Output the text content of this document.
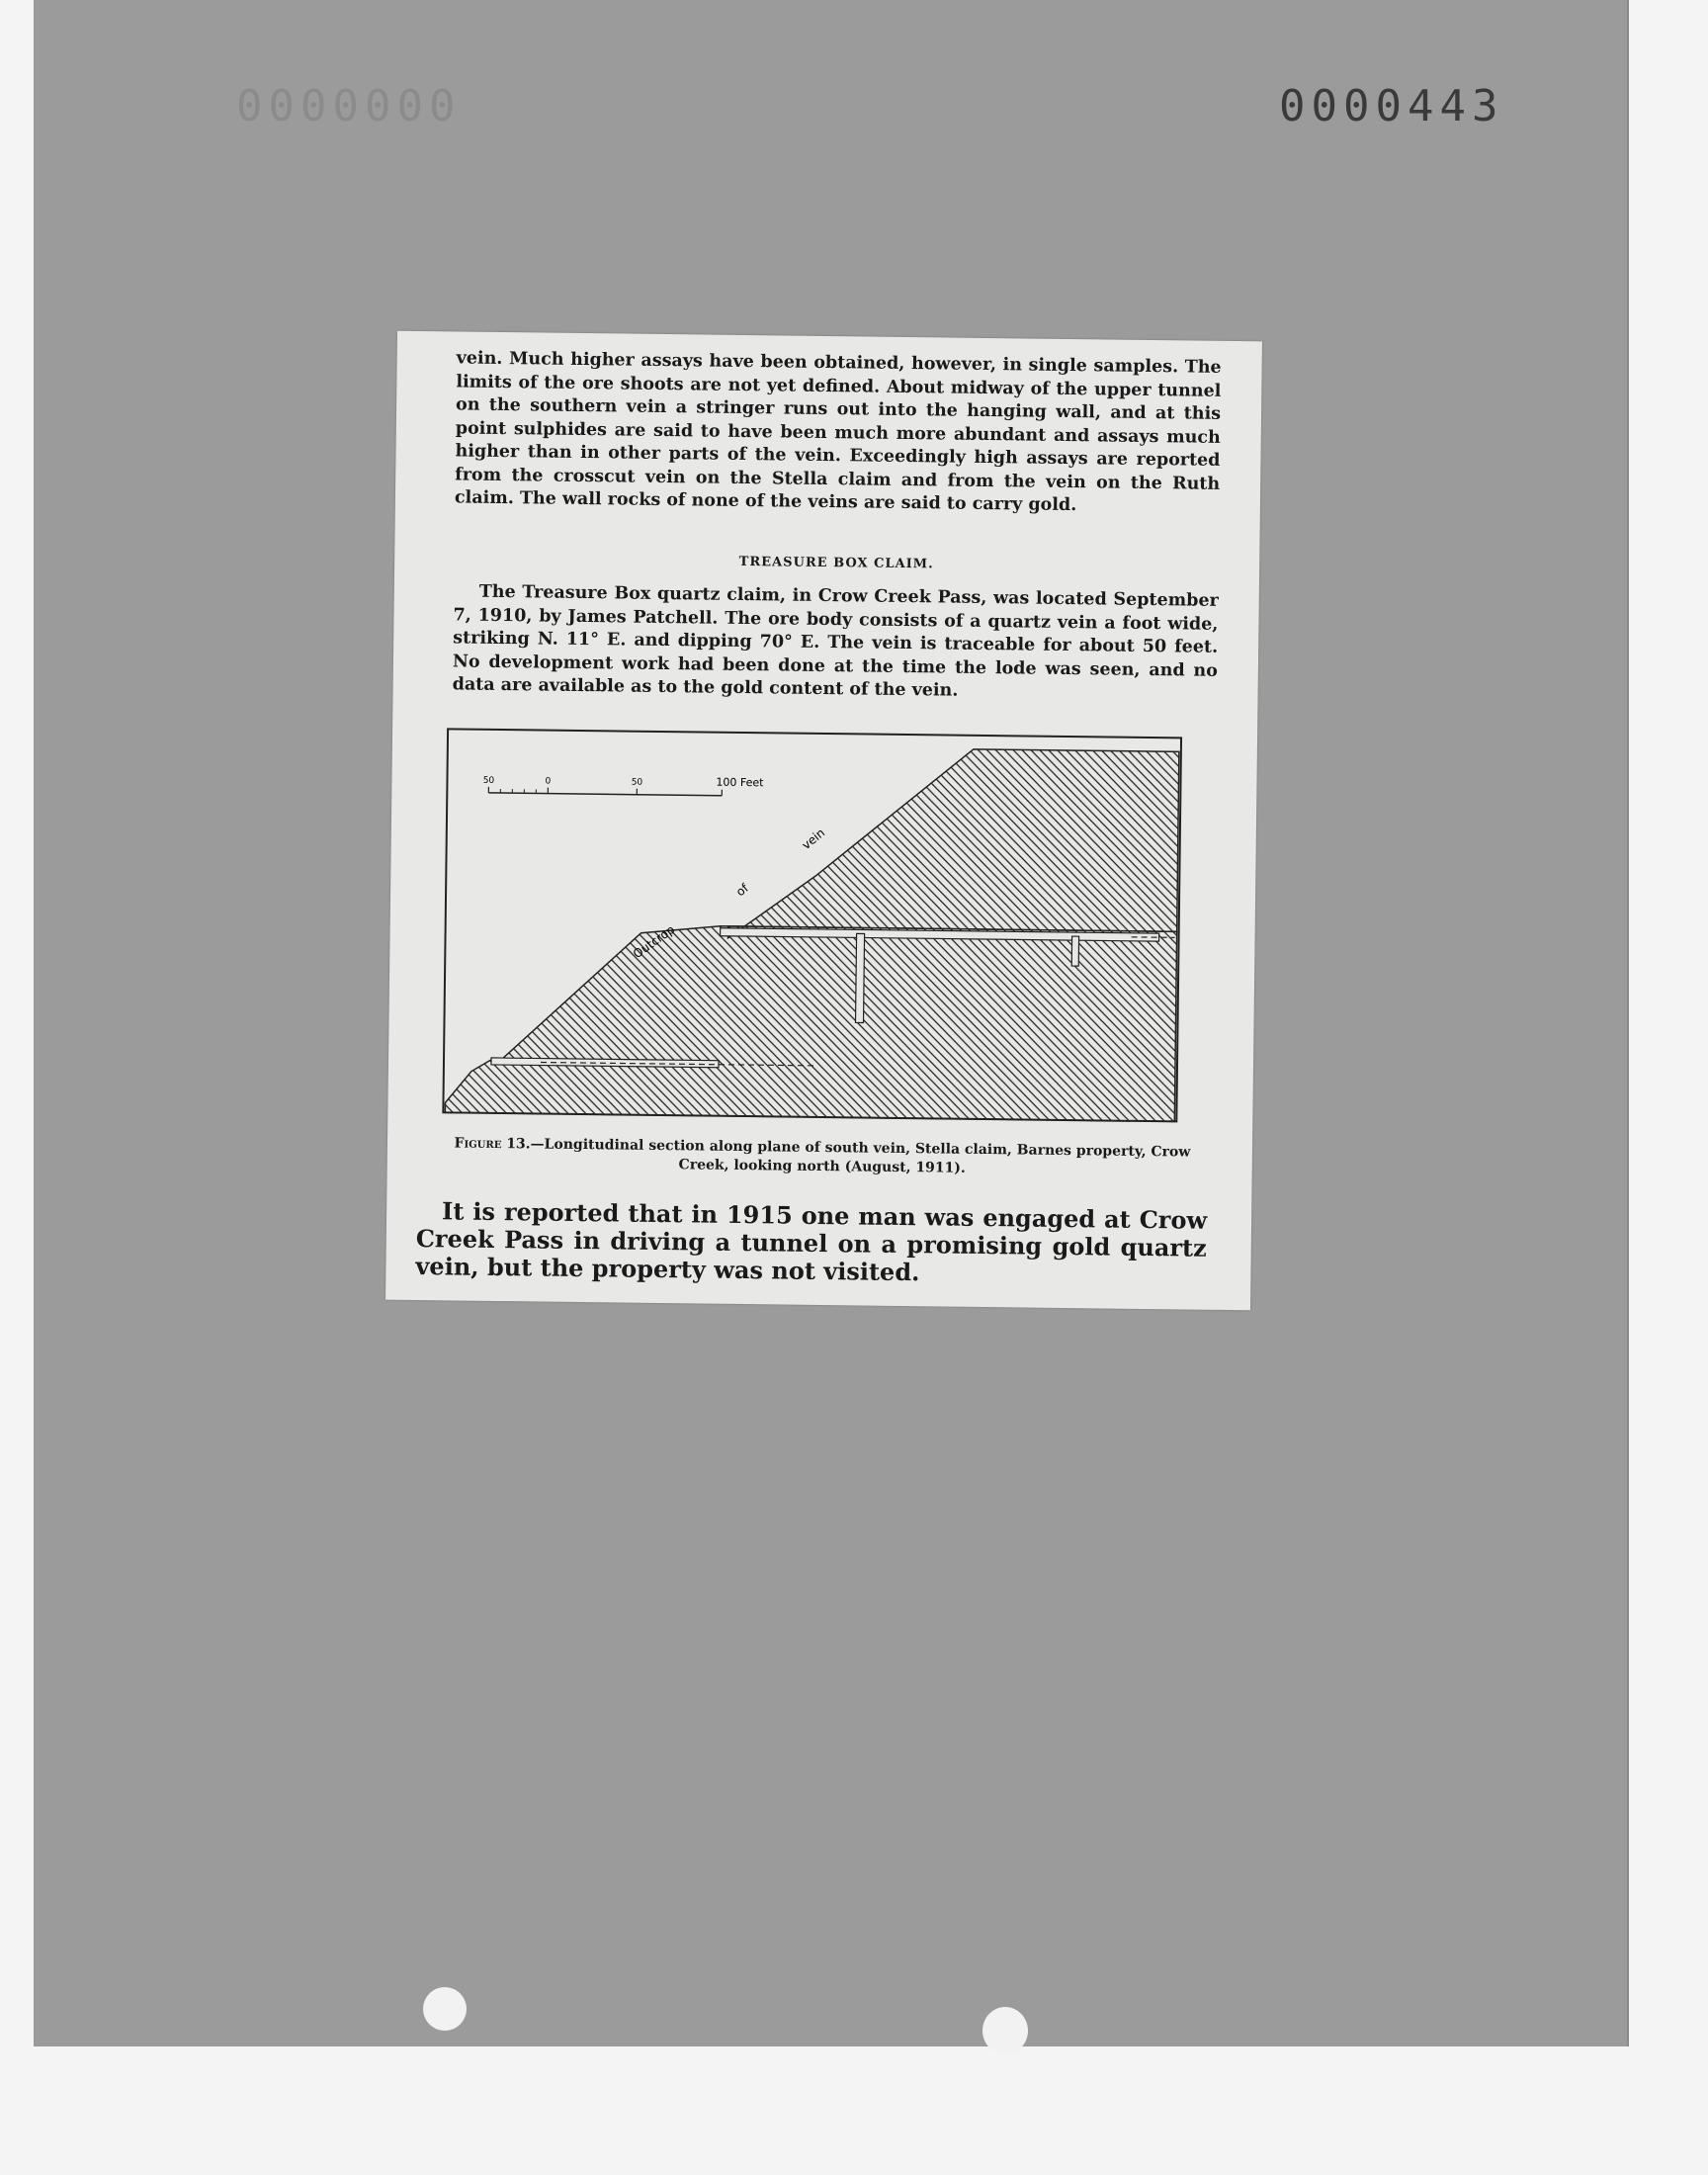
0000000	0000443

vein. Much higher assays have been obtained, however, in single samples. The limits of the ore shoots are not yet defined. About midway of the upper tunnel on the southern vein a stringer runs out into the hanging wall, and at this point sulphides are said to have been much more abundant and assays much higher than in other parts of the vein. Exceedingly high assays are reported from the crosscut vein on the Stella claim and from the vein on the Ruth claim. The wall rocks of none of the veins are said to carry gold.

TREASURE BOX CLAIM.

The Treasure Box quartz claim, in Crow Creek Pass, was located September 7, 1910, by James Patchell. The ore body consists of a quartz vein a foot wide, striking N. 11° E. and dipping 70° E. The vein is traceable for about 50 feet. No development work had been done at the time the lode was seen, and no data are available as to the gold content of the vein.

50	0	50	100 Feet
Outcrop
of
vein

Figure 13.—Longitudinal section along plane of south vein, Stella claim, Barnes property, Crow Creek, looking north (August, 1911).

It is reported that in 1915 one man was engaged at Crow Creek Pass in driving a tunnel on a promising gold quartz vein, but the property was not visited.
